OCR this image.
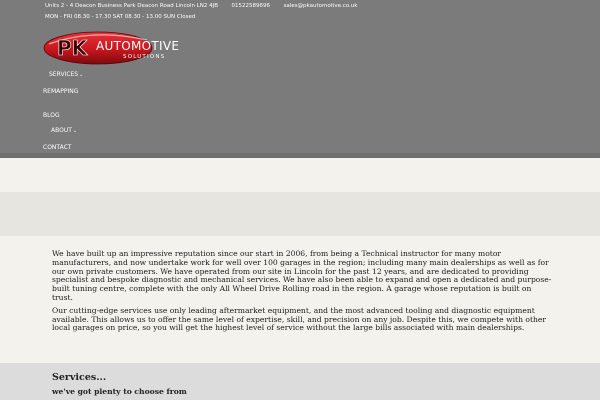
Units 2 - 4 Deacon Business Park Deacon Road Lincoln LN2 4JB 01522589696 sales@pkautomotive.co.uk
MON - FRI 08.30 - 17.30 SAT 08.30 - 13.00 SUN Closed
PK AUTOMOTIVE
SOLUTIONS
SERVICES⌄
REMAPPING
BLOG
ABOUT⌄
CONTACT

We have built up an impressive reputation since our start in 2006, from being a Technical instructor for many motor manufacturers, and now undertake work for well over 100 garages in the region; including many main dealerships as well as for our own private customers. We have operated from our site in Lincoln for the past 12 years, and are dedicated to providing specialist and bespoke diagnostic and mechanical services. We have also been able to expand and open a dedicated and purpose-built tuning centre, complete with the only All Wheel Drive Rolling road in the region. A garage whose reputation is built on trust.

Our cutting-edge services use only leading aftermarket equipment, and the most advanced tooling and diagnostic equipment available. This allows us to offer the same level of expertise, skill, and precision on any job. Despite this, we compete with other local garages on price, so you will get the highest level of service without the large bills associated with main dealerships.

Services...
we've got plenty to choose from
